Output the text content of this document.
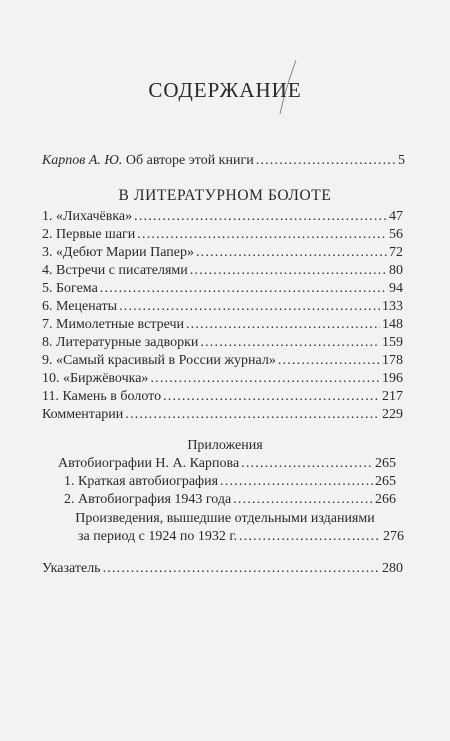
СОДЕРЖАНИЕ
Карпов А. Ю. Об авторе этой книги .....	5
В ЛИТЕРАТУРНОМ БОЛОТЕ
1. «Лихачёвка» .....	47
2. Первые шаги .....	56
3. «Дебют Марии Папер» .....	72
4. Встречи с писателями .....	80
5. Богема .....	94
6. Меценаты .....	133
7. Мимолетные встречи .....	148
8. Литературные задворки .....	159
9. «Самый красивый в России журнал» .....	178
10. «Биржёвочка» .....	196
11. Камень в болото .....	217
Комментарии .....	229
Приложения
Автобиографии Н. А. Карпова .....	265
1. Краткая автобиография .....	265
2. Автобиография 1943 года .....	266
Произведения, вышедшие отдельными изданиями
за период с 1924 по 1932 г. .....	276
Указатель .....	280
